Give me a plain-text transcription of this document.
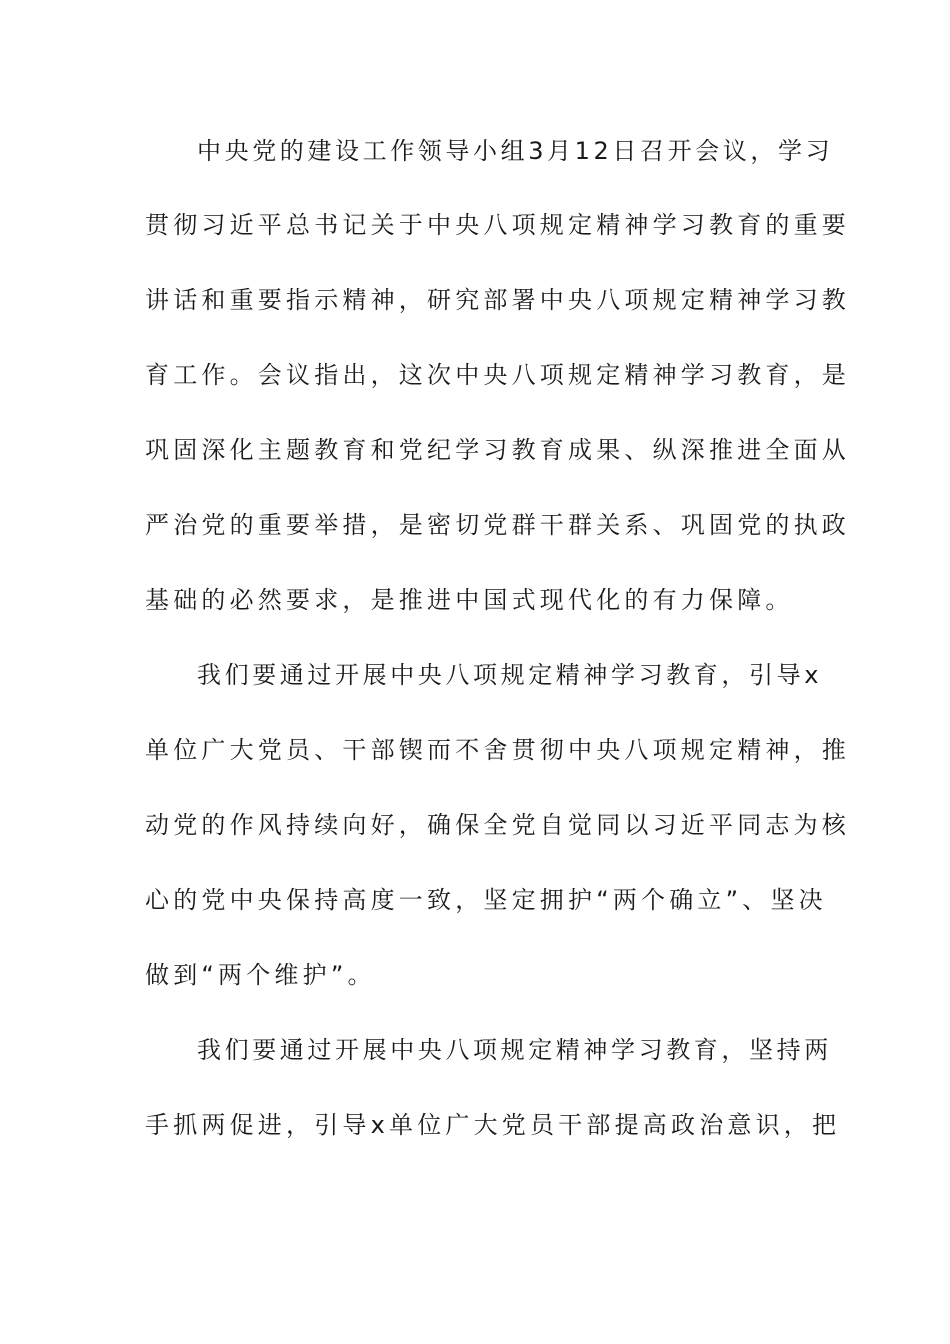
中央党的建设工作领导小组3月12日召开会议，学习
贯彻习近平总书记关于中央八项规定精神学习教育的重要
讲话和重要指示精神，研究部署中央八项规定精神学习教
育工作。会议指出，这次中央八项规定精神学习教育，是
巩固深化主题教育和党纪学习教育成果、纵深推进全面从
严治党的重要举措，是密切党群干群关系、巩固党的执政
基础的必然要求，是推进中国式现代化的有力保障。
我们要通过开展中央八项规定精神学习教育，引导x
单位广大党员、干部锲而不舍贯彻中央八项规定精神，推
动党的作风持续向好，确保全党自觉同以习近平同志为核
心的党中央保持高度一致，坚定拥护“两个确立”、坚决
做到“两个维护”。
我们要通过开展中央八项规定精神学习教育，坚持两
手抓两促进，引导x单位广大党员干部提高政治意识，把
